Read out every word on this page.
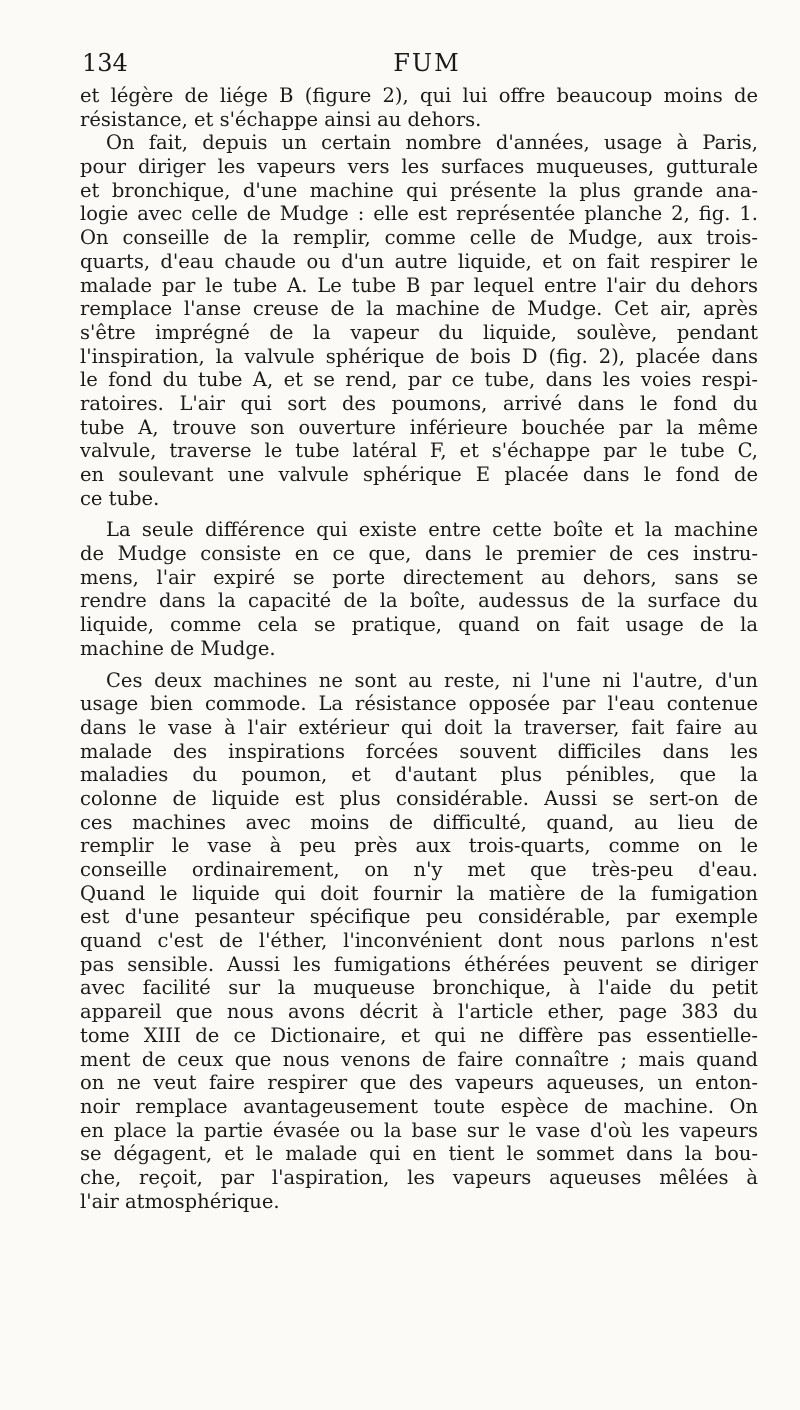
134	FUM
et légère de liége B (figure 2), qui lui offre beaucoup moins de
résistance, et s'échappe ainsi au dehors.
On fait, depuis un certain nombre d'années, usage à Paris,
pour diriger les vapeurs vers les surfaces muqueuses, gutturale
et bronchique, d'une machine qui présente la plus grande ana-
logie avec celle de Mudge : elle est représentée planche 2, fig. 1.
On conseille de la remplir, comme celle de Mudge, aux trois-
quarts, d'eau chaude ou d'un autre liquide, et on fait respirer le
malade par le tube A. Le tube B par lequel entre l'air du dehors
remplace l'anse creuse de la machine de Mudge. Cet air, après
s'être imprégné de la vapeur du liquide, soulève, pendant
l'inspiration, la valvule sphérique de bois D (fig. 2), placée dans
le fond du tube A, et se rend, par ce tube, dans les voies respi-
ratoires. L'air qui sort des poumons, arrivé dans le fond du
tube A, trouve son ouverture inférieure bouchée par la même
valvule, traverse le tube latéral F, et s'échappe par le tube C,
en soulevant une valvule sphérique E placée dans le fond de
ce tube.
La seule différence qui existe entre cette boîte et la machine
de Mudge consiste en ce que, dans le premier de ces instru-
mens, l'air expiré se porte directement au dehors, sans se
rendre dans la capacité de la boîte, audessus de la surface du
liquide, comme cela se pratique, quand on fait usage de la
machine de Mudge.
Ces deux machines ne sont au reste, ni l'une ni l'autre, d'un
usage bien commode. La résistance opposée par l'eau contenue
dans le vase à l'air extérieur qui doit la traverser, fait faire au
malade des inspirations forcées souvent difficiles dans les
maladies du poumon, et d'autant plus pénibles, que la
colonne de liquide est plus considérable. Aussi se sert-on de
ces machines avec moins de difficulté, quand, au lieu de
remplir le vase à peu près aux trois-quarts, comme on le
conseille ordinairement, on n'y met que très-peu d'eau.
Quand le liquide qui doit fournir la matière de la fumigation
est d'une pesanteur spécifique peu considérable, par exemple
quand c'est de l'éther, l'inconvénient dont nous parlons n'est
pas sensible. Aussi les fumigations éthérées peuvent se diriger
avec facilité sur la muqueuse bronchique, à l'aide du petit
appareil que nous avons décrit à l'article ether, page 383 du
tome XIII de ce Dictionaire, et qui ne diffère pas essentielle-
ment de ceux que nous venons de faire connaître ; mais quand
on ne veut faire respirer que des vapeurs aqueuses, un enton-
noir remplace avantageusement toute espèce de machine. On
en place la partie évasée ou la base sur le vase d'où les vapeurs
se dégagent, et le malade qui en tient le sommet dans la bou-
che, reçoit, par l'aspiration, les vapeurs aqueuses mêlées à
l'air atmosphérique.
